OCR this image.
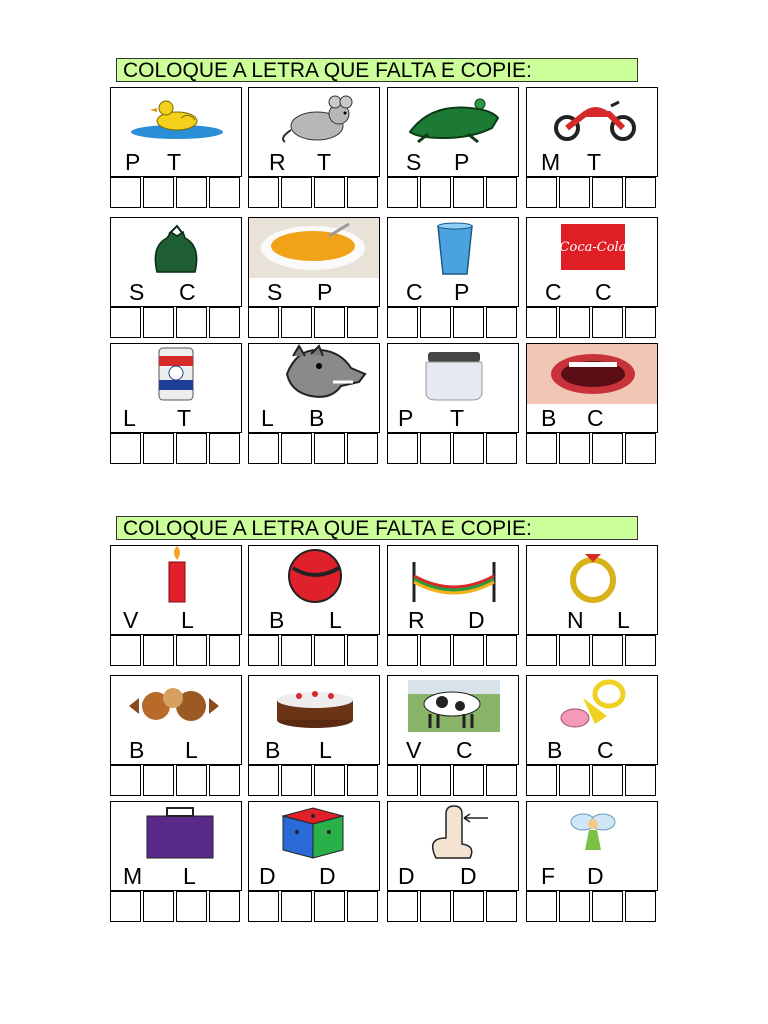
COLOQUE A LETRA QUE FALTA E COPIE:
P T	R T	S P	M T
S C	S P	C P
Coca-Cola
C C
L T	L B	P T	B C
COLOQUE A LETRA QUE FALTA E COPIE:
V L	B L	R D	N L
B L	B L	V C	B C
M L	D D	D D	F D
